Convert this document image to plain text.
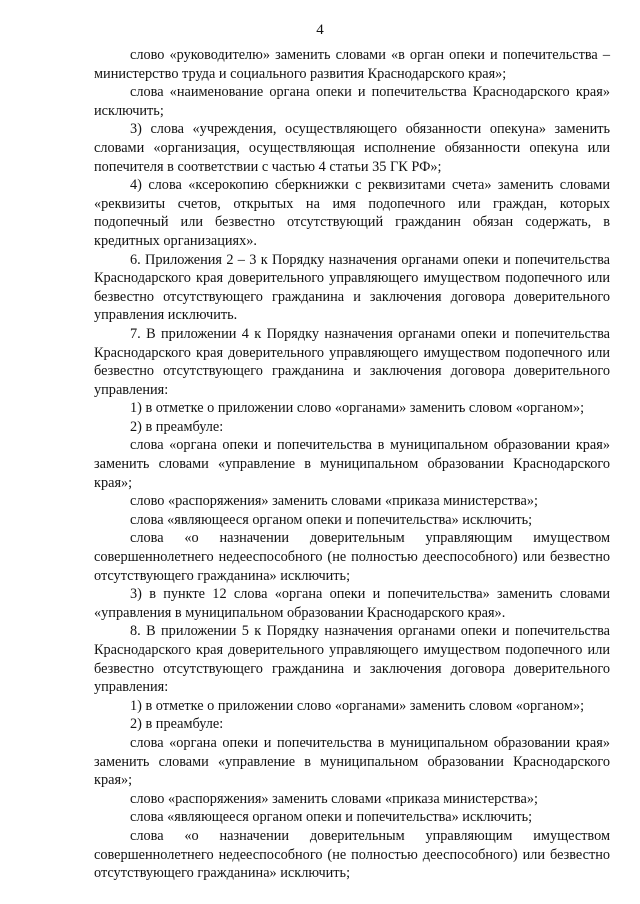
4

слово «руководителю» заменить словами «в орган опеки и попечительства – министерство труда и социального развития Краснодарского края»;

слова «наименование органа опеки и попечительства Краснодарского края» исключить;

3) слова «учреждения, осуществляющего обязанности опекуна» заменить словами «организация, осуществляющая исполнение обязанности опекуна или попечителя в соответствии с частью 4 статьи 35 ГК РФ»;

4) слова «ксерокопию сберкнижки с реквизитами счета» заменить словами «реквизиты счетов, открытых на имя подопечного или граждан, которых подопечный или безвестно отсутствующий гражданин обязан содержать, в кредитных организациях».

6. Приложения 2 – 3 к Порядку назначения органами опеки и попечительства Краснодарского края доверительного управляющего имуществом подопечного или безвестно отсутствующего гражданина и заключения договора доверительного управления исключить.

7. В приложении 4 к Порядку назначения органами опеки и попечительства Краснодарского края доверительного управляющего имуществом подопечного или безвестно отсутствующего гражданина и заключения договора доверительного управления:

1) в отметке о приложении слово «органами» заменить словом «органом»;

2) в преамбуле:

слова «органа опеки и попечительства в муниципальном образовании края» заменить словами «управление в муниципальном образовании Краснодарского края»;

слово «распоряжения» заменить словами «приказа министерства»;

слова «являющееся органом опеки и попечительства» исключить;

слова «о назначении доверительным управляющим имуществом совершеннолетнего недееспособного (не полностью дееспособного) или безвестно отсутствующего гражданина» исключить;

3) в пункте 12 слова «органа опеки и попечительства» заменить словами «управления в муниципальном образовании Краснодарского края».

8. В приложении 5 к Порядку назначения органами опеки и попечительства Краснодарского края доверительного управляющего имуществом подопечного или безвестно отсутствующего гражданина и заключения договора доверительного управления:

1) в отметке о приложении слово «органами» заменить словом «органом»;

2) в преамбуле:

слова «органа опеки и попечительства в муниципальном образовании края» заменить словами «управление в муниципальном образовании Краснодарского края»;

слово «распоряжения» заменить словами «приказа министерства»;

слова «являющееся органом опеки и попечительства» исключить;

слова «о назначении доверительным управляющим имуществом совершеннолетнего недееспособного (не полностью дееспособного) или безвестно отсутствующего гражданина» исключить;
